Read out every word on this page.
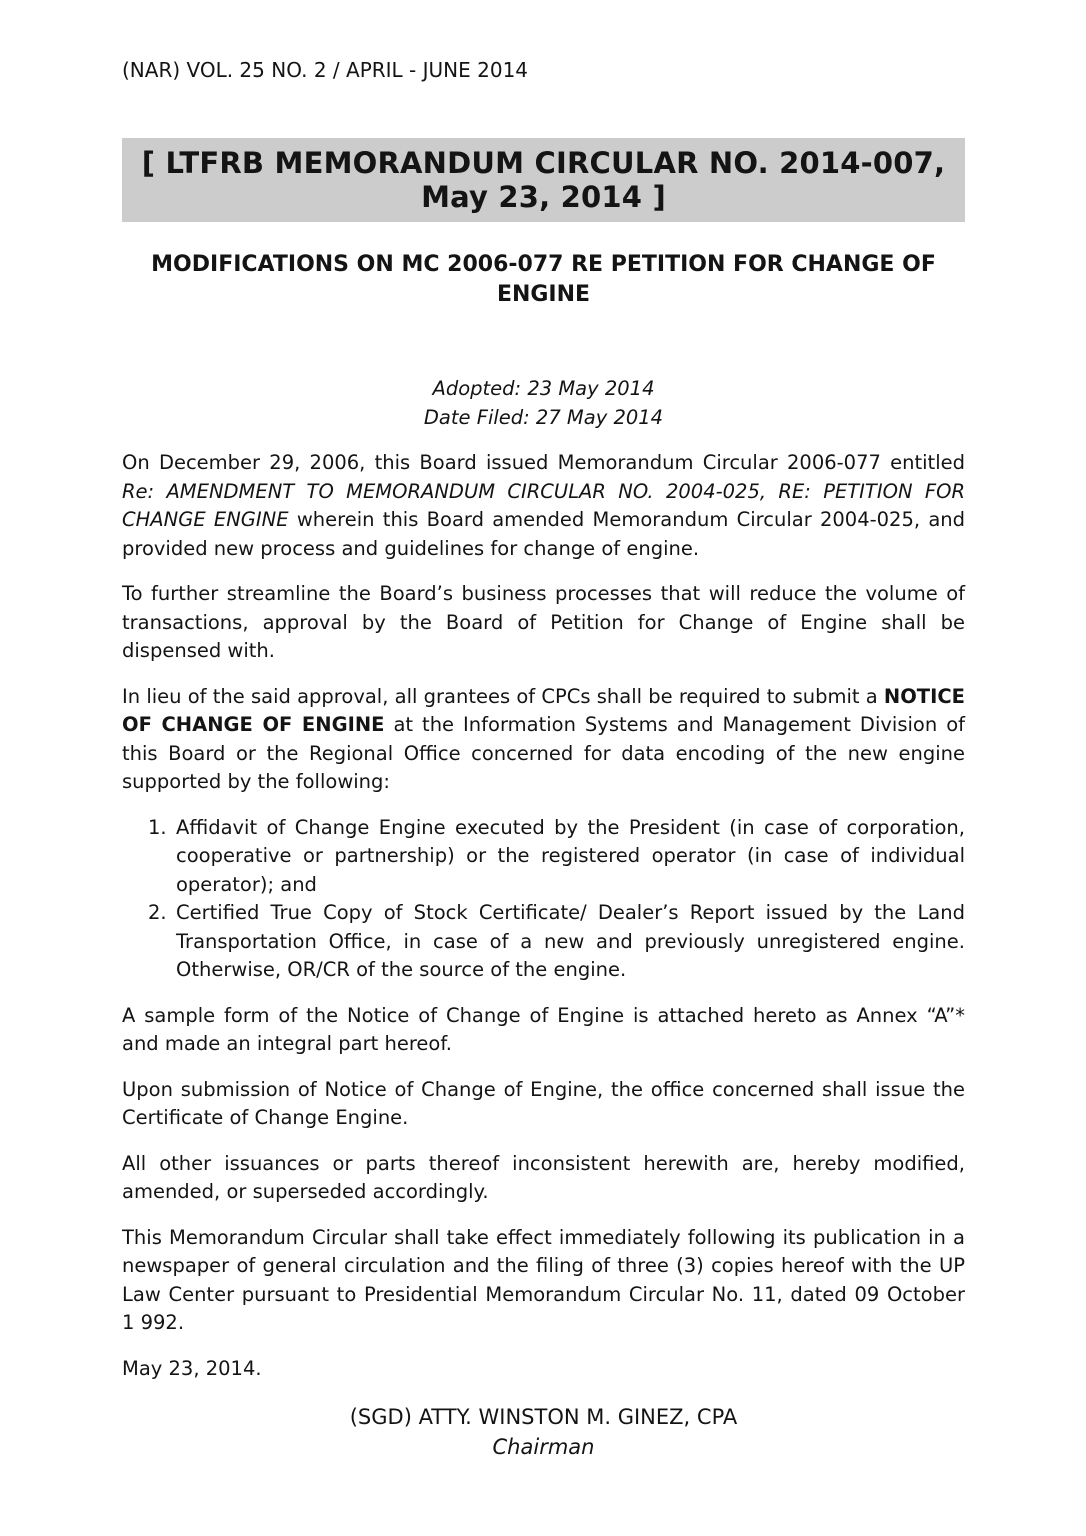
(NAR) VOL. 25 NO. 2 / APRIL - JUNE 2014
[ LTFRB MEMORANDUM CIRCULAR NO. 2014-007,
May 23, 2014 ]
MODIFICATIONS ON MC 2006-077 RE PETITION FOR CHANGE OF ENGINE
Adopted: 23 May 2014
Date Filed: 27 May 2014

On December 29, 2006, this Board issued Memorandum Circular 2006-077 entitled Re: AMENDMENT TO MEMORANDUM CIRCULAR NO. 2004-025, RE: PETITION FOR CHANGE ENGINE wherein this Board amended Memorandum Circular 2004-025, and provided new process and guidelines for change of engine.

To further streamline the Board’s business processes that will reduce the volume of transactions, approval by the Board of Petition for Change of Engine shall be dispensed with.

In lieu of the said approval, all grantees of CPCs shall be required to submit a NOTICE OF CHANGE OF ENGINE at the Information Systems and Management Division of this Board or the Regional Office concerned for data encoding of the new engine supported by the following:

1. Affidavit of Change Engine executed by the President (in case of corporation, cooperative or partnership) or the registered operator (in case of individual operator); and
2. Certified True Copy of Stock Certificate/ Dealer’s Report issued by the Land Transportation Office, in case of a new and previously unregistered engine. Otherwise, OR/CR of the source of the engine.

A sample form of the Notice of Change of Engine is attached hereto as Annex “A”* and made an integral part hereof.

Upon submission of Notice of Change of Engine, the office concerned shall issue the Certificate of Change Engine.

All other issuances or parts thereof inconsistent herewith are, hereby modified, amended, or superseded accordingly.

This Memorandum Circular shall take effect immediately following its publication in a newspaper of general circulation and the filing of three (3) copies hereof with the UP Law Center pursuant to Presidential Memorandum Circular No. 11, dated 09 October 1 992.

May 23, 2014.
(SGD) ATTY. WINSTON M. GINEZ, CPA
Chairman
